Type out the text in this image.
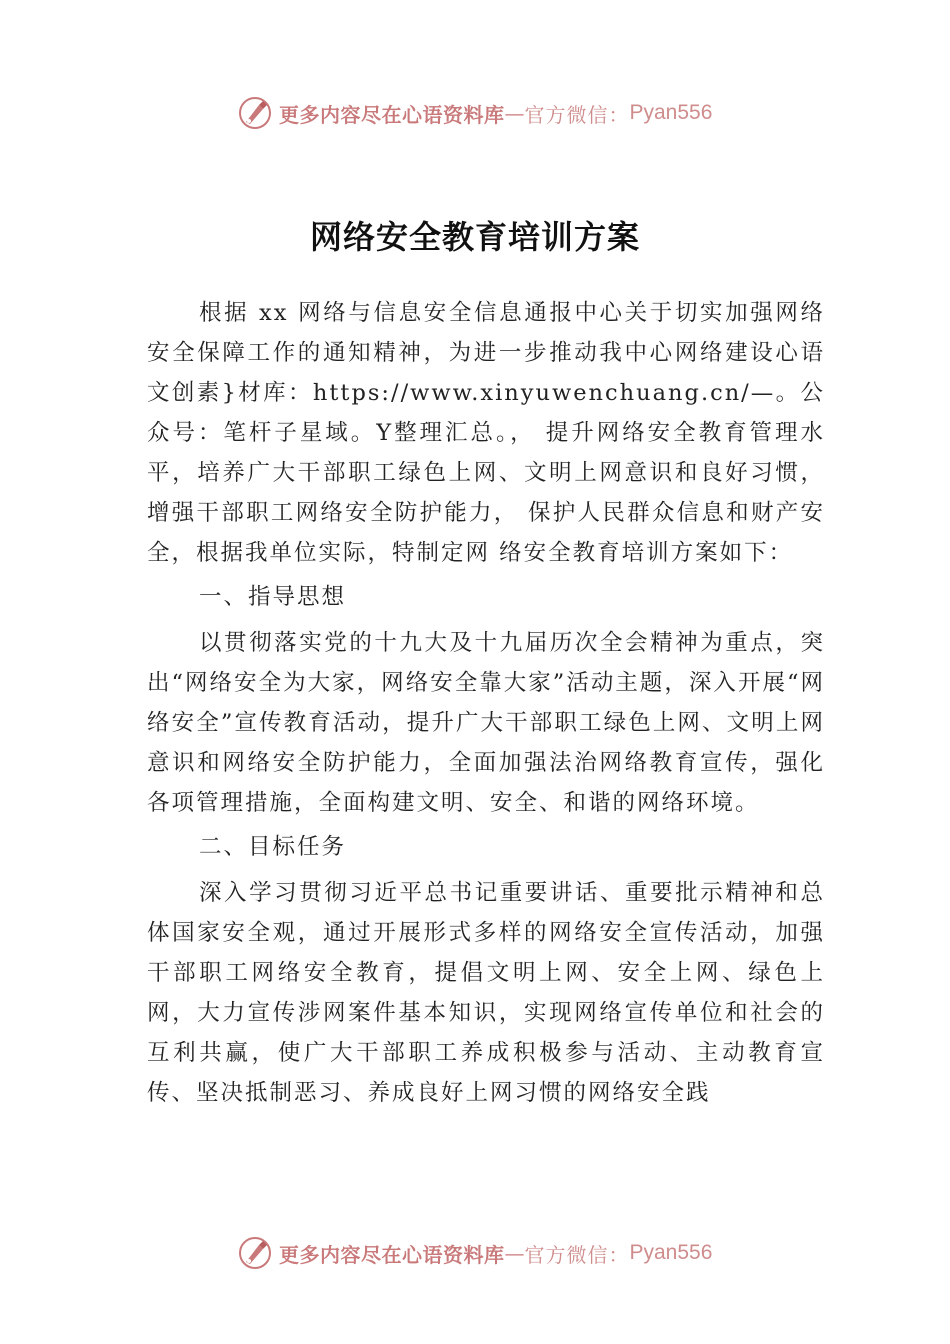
更多内容尽在心语资料库 — 官方微信： Pyan556
网络安全教育培训方案

根据 xx 网络与信息安全信息通报中心关于切实加强网络安全保障工作的通知精神，为进一步推动我中心网络建设心语文创素}材库：https://www.xinyuwenchuang.cn/—。公众号：笔杆子星域。Y整理汇总。， 提升网络安全教育管理水平，培养广大干部职工绿色上网、文明上网意识和良好习惯，增强干部职工网络安全防护能力， 保护人民群众信息和财产安全，根据我单位实际，特制定网 络安全教育培训方案如下：

一、指导思想

以贯彻落实党的十九大及十九届历次全会精神为重点，突出“网络安全为大家，网络安全靠大家”活动主题，深入开展“网络安全”宣传教育活动，提升广大干部职工绿色上网、文明上网意识和网络安全防护能力，全面加强法治网络教育宣传，强化各项管理措施，全面构建文明、安全、和谐的网络环境。

二、目标任务

深入学习贯彻习近平总书记重要讲话、重要批示精神和总体国家安全观，通过开展形式多样的网络安全宣传活动，加强干部职工网络安全教育，提倡文明上网、安全上网、绿色上网，大力宣传涉网案件基本知识，实现网络宣传单位和社会的互利共赢，使广大干部职工养成积极参与活动、主动教育宣传、坚决抵制恶习、养成良好上网习惯的网络安全践

更多内容尽在心语资料库 — 官方微信： Pyan556
